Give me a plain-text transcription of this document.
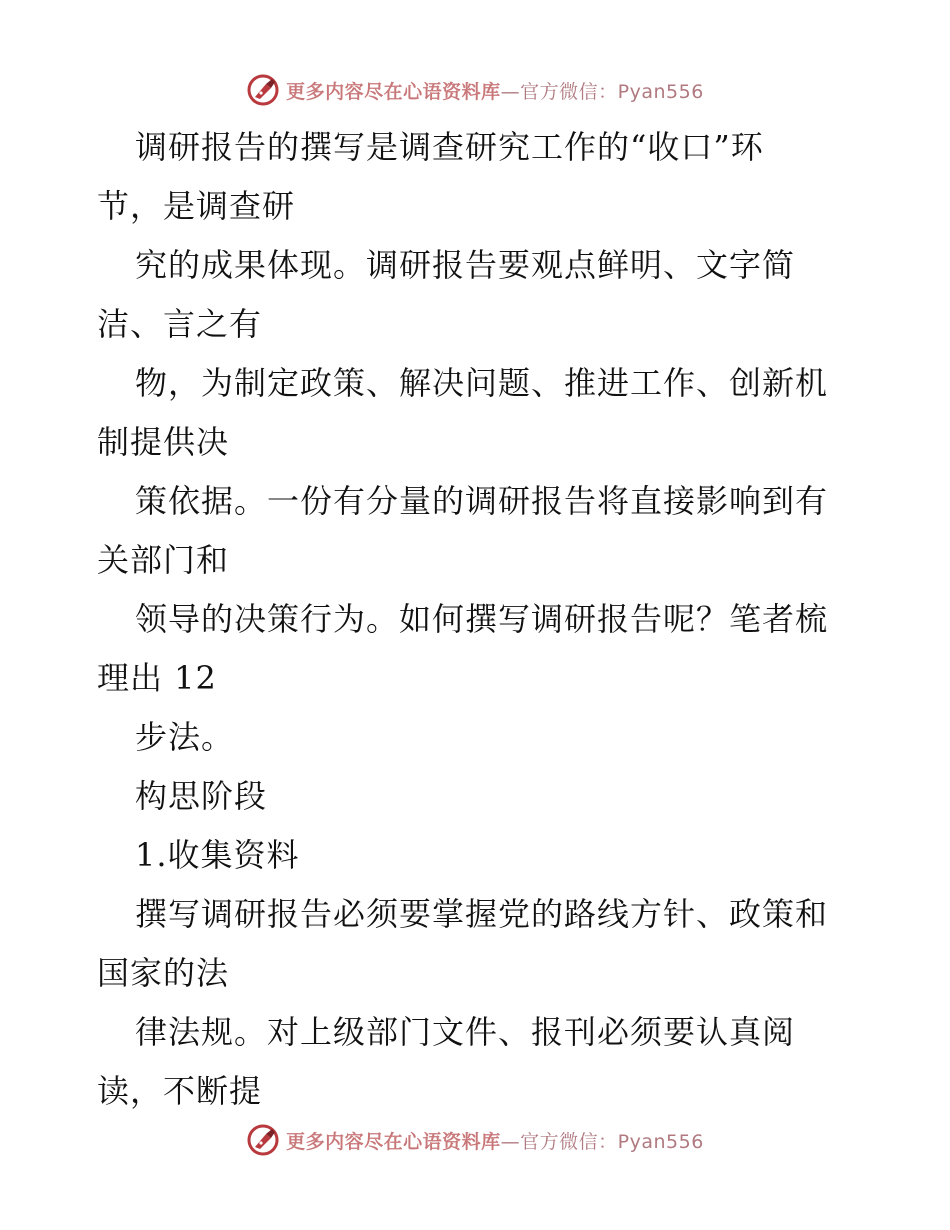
更多内容尽在心语资料库—官方微信：Pyan556
调研报告的撰写是调查研究工作的“收口”环
节，是调查研
究的成果体现。调研报告要观点鲜明、文字简
洁、言之有
物，为制定政策、解决问题、推进工作、创新机
制提供决
策依据。一份有分量的调研报告将直接影响到有
关部门和
领导的决策行为。如何撰写调研报告呢？笔者梳
理出 12
步法。
构思阶段
1.收集资料
撰写调研报告必须要掌握党的路线方针、政策和
国家的法
律法规。对上级部门文件、报刊必须要认真阅
读，不断提
更多内容尽在心语资料库—官方微信：Pyan556
